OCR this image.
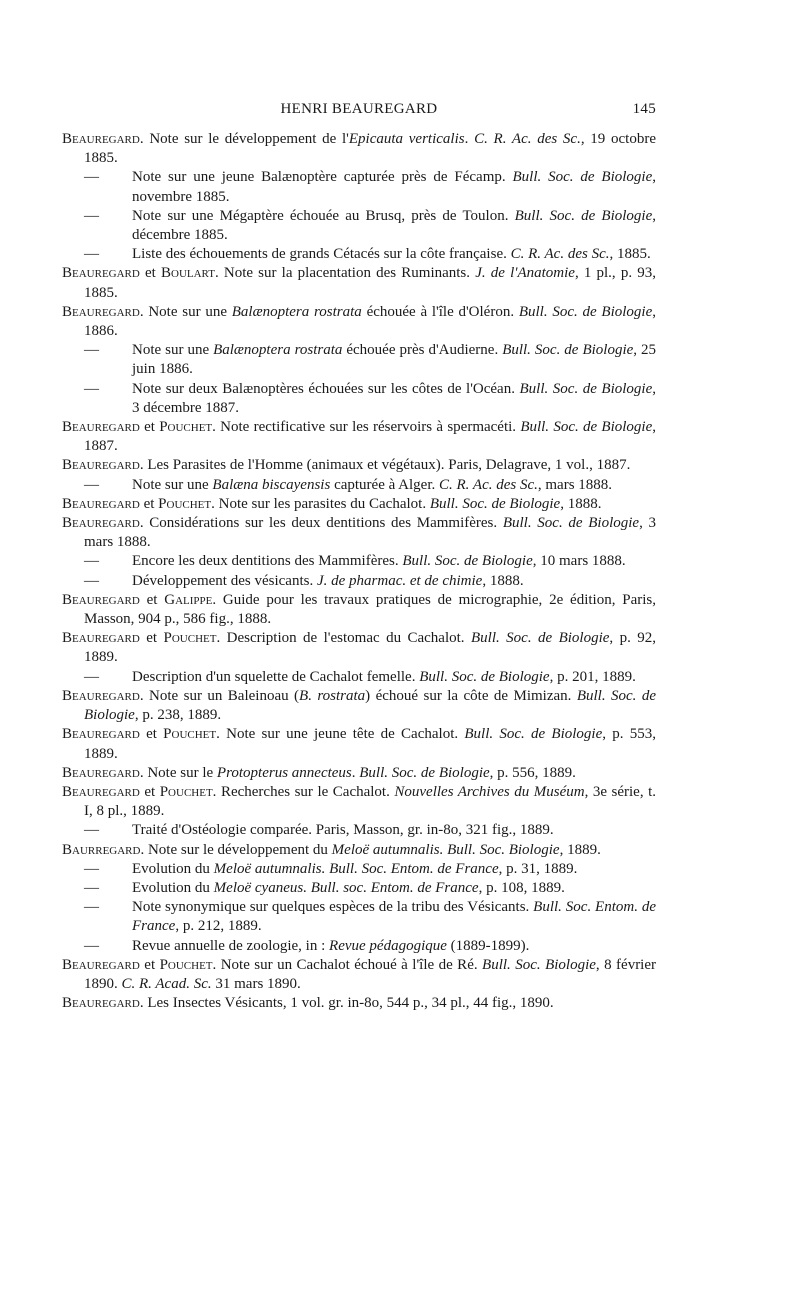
HENRI BEAUREGARD	145
Beauregard. Note sur le développement de l'Epicauta verticalis. C. R. Ac. des Sc., 19 octobre 1885.
— Note sur une jeune Balænoptère capturée près de Fécamp. Bull. Soc. de Biologie, novembre 1885.
— Note sur une Mégaptère échouée au Brusq, près de Toulon. Bull. Soc. de Biologie, décembre 1885.
— Liste des échouements de grands Cétacés sur la côte française. C. R. Ac. des Sc., 1885.
Beauregard et Boulart. Note sur la placentation des Ruminants. J. de l'Anatomie, 1 pl., p. 93, 1885.
Beauregard. Note sur une Balænoptera rostrata échouée à l'île d'Oléron. Bull. Soc. de Biologie, 1886.
— Note sur une Balænoptera rostrata échouée près d'Audierne. Bull. Soc. de Biologie, 25 juin 1886.
— Note sur deux Balænoptères échouées sur les côtes de l'Océan. Bull. Soc. de Biologie, 3 décembre 1887.
Beauregard et Pouchet. Note rectificative sur les réservoirs à spermacéti. Bull. Soc. de Biologie, 1887.
Beauregard. Les Parasites de l'Homme (animaux et végétaux). Paris, Delagrave, 1 vol., 1887.
— Note sur une Balæna biscayensis capturée à Alger. C. R. Ac. des Sc., mars 1888.
Beauregard et Pouchet. Note sur les parasites du Cachalot. Bull. Soc. de Biologie, 1888.
Beauregard. Considérations sur les deux dentitions des Mammifères. Bull. Soc. de Biologie, 3 mars 1888.
— Encore les deux dentitions des Mammifères. Bull. Soc. de Biologie, 10 mars 1888.
— Développement des vésicants. J. de pharmac. et de chimie, 1888.
Beauregard et Galippe. Guide pour les travaux pratiques de micrographie, 2e édition, Paris, Masson, 904 p., 586 fig., 1888.
Beauregard et Pouchet. Description de l'estomac du Cachalot. Bull. Soc. de Biologie, p. 92, 1889.
— Description d'un squelette de Cachalot femelle. Bull. Soc. de Biologie, p. 201, 1889.
Beauregard. Note sur un Baleinoau (B. rostrata) échoué sur la côte de Mimizan. Bull. Soc. de Biologie, p. 238, 1889.
Beauregard et Pouchet. Note sur une jeune tête de Cachalot. Bull. Soc. de Biologie, p. 553, 1889.
Beauregard. Note sur le Protopterus annecteus. Bull. Soc. de Biologie, p. 556, 1889.
Beauregard et Pouchet. Recherches sur le Cachalot. Nouvelles Archives du Muséum, 3e série, t. I, 8 pl., 1889.
— Traité d'Ostéologie comparée. Paris, Masson, gr. in-8o, 321 fig., 1889.
Baurregard. Note sur le développement du Meloë autumnalis. Bull. Soc. Biologie, 1889.
— Evolution du Meloë autumnalis. Bull. Soc. Entom. de France, p. 31, 1889.
— Evolution du Meloë cyaneus. Bull. soc. Entom. de France, p. 108, 1889.
— Note synonymique sur quelques espèces de la tribu des Vésicants. Bull. Soc. Entom. de France, p. 212, 1889.
— Revue annuelle de zoologie, in : Revue pédagogique (1889-1899).
Beauregard et Pouchet. Note sur un Cachalot échoué à l'île de Ré. Bull. Soc. Biologie, 8 février 1890. C. R. Acad. Sc. 31 mars 1890.
Beauregard. Les Insectes Vésicants, 1 vol. gr. in-8o, 544 p., 34 pl., 44 fig., 1890.
